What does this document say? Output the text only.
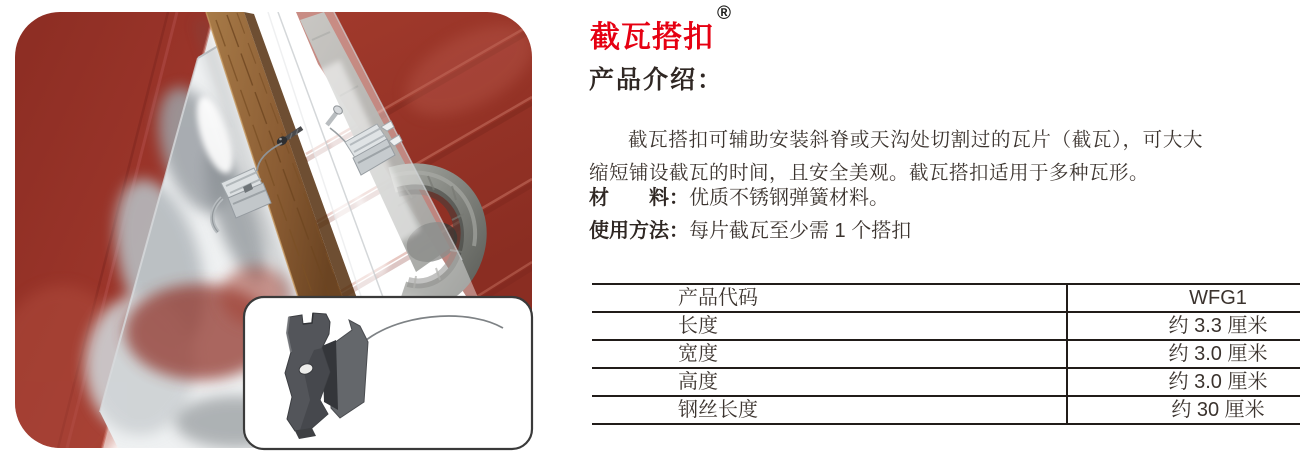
截瓦搭扣®
产品介绍：

截瓦搭扣可辅助安装斜脊或天沟处切割过的瓦片（截瓦），可大大缩短铺设截瓦的时间，且安全美观。截瓦搭扣适用于多种瓦形。

材　　料：优质不锈钢弹簧材料。
使用方法：每片截瓦至少需 1 个搭扣
产品代码	WFG1
长度	约 3.3 厘米
宽度	约 3.0 厘米
高度	约 3.0 厘米
钢丝长度	约 30 厘米
